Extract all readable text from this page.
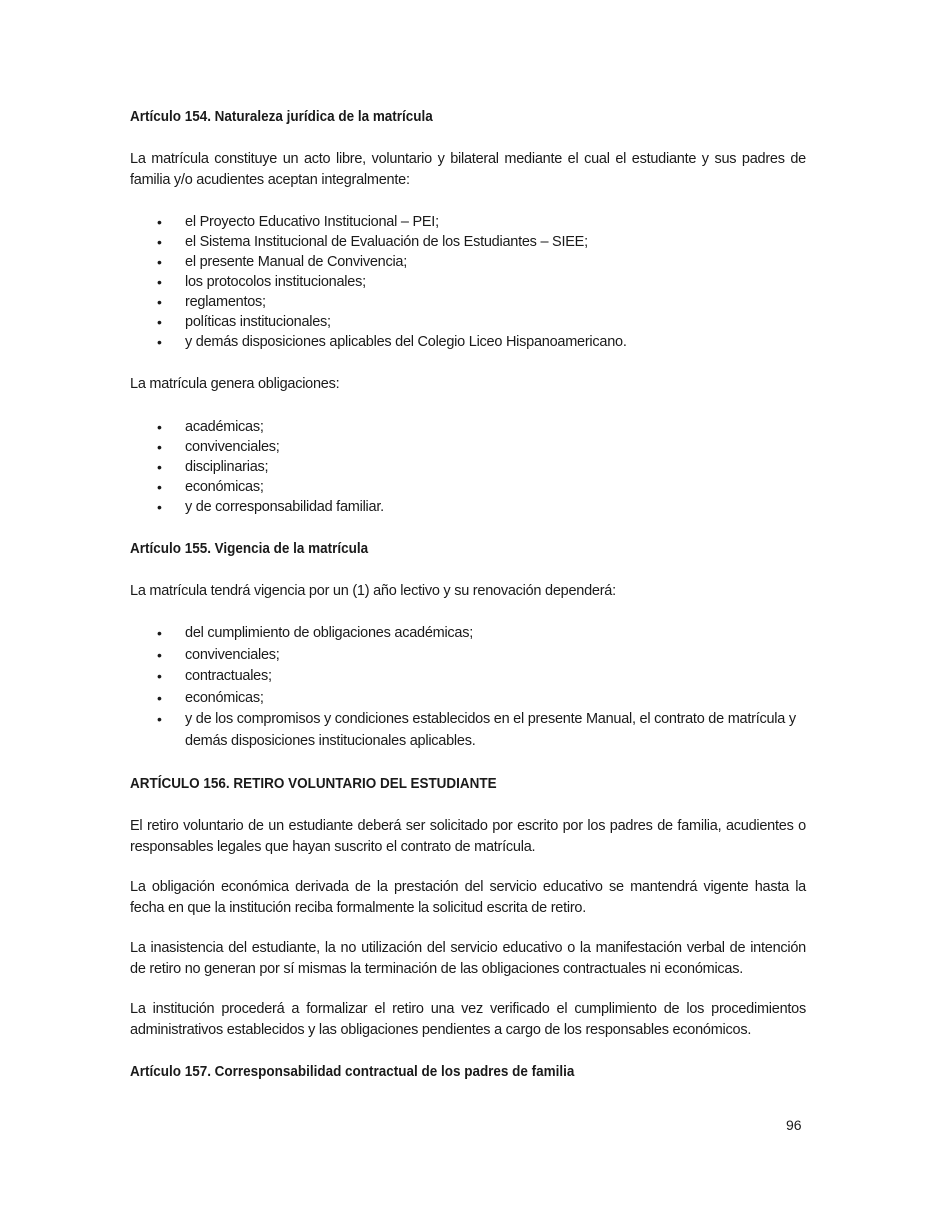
Artículo 154. Naturaleza jurídica de la matrícula

La matrícula constituye un acto libre, voluntario y bilateral mediante el cual el estudiante y sus padres de familia y/o acudientes aceptan integralmente:

• el Proyecto Educativo Institucional – PEI;
• el Sistema Institucional de Evaluación de los Estudiantes – SIEE;
• el presente Manual de Convivencia;
• los protocolos institucionales;
• reglamentos;
• políticas institucionales;
• y demás disposiciones aplicables del Colegio Liceo Hispanoamericano.

La matrícula genera obligaciones:

• académicas;
• convivenciales;
• disciplinarias;
• económicas;
• y de corresponsabilidad familiar.

Artículo 155. Vigencia de la matrícula

La matrícula tendrá vigencia por un (1) año lectivo y su renovación dependerá:

• del cumplimiento de obligaciones académicas;
• convivenciales;
• contractuales;
• económicas;
• y de los compromisos y condiciones establecidos en el presente Manual, el contrato de matrícula y demás disposiciones institucionales aplicables.

ARTÍCULO 156. RETIRO VOLUNTARIO DEL ESTUDIANTE

El retiro voluntario de un estudiante deberá ser solicitado por escrito por los padres de familia, acudientes o responsables legales que hayan suscrito el contrato de matrícula.

La obligación económica derivada de la prestación del servicio educativo se mantendrá vigente hasta la fecha en que la institución reciba formalmente la solicitud escrita de retiro.

La inasistencia del estudiante, la no utilización del servicio educativo o la manifestación verbal de intención de retiro no generan por sí mismas la terminación de las obligaciones contractuales ni económicas.

La institución procederá a formalizar el retiro una vez verificado el cumplimiento de los procedimientos administrativos establecidos y las obligaciones pendientes a cargo de los responsables económicos.

Artículo 157. Corresponsabilidad contractual de los padres de familia

96
